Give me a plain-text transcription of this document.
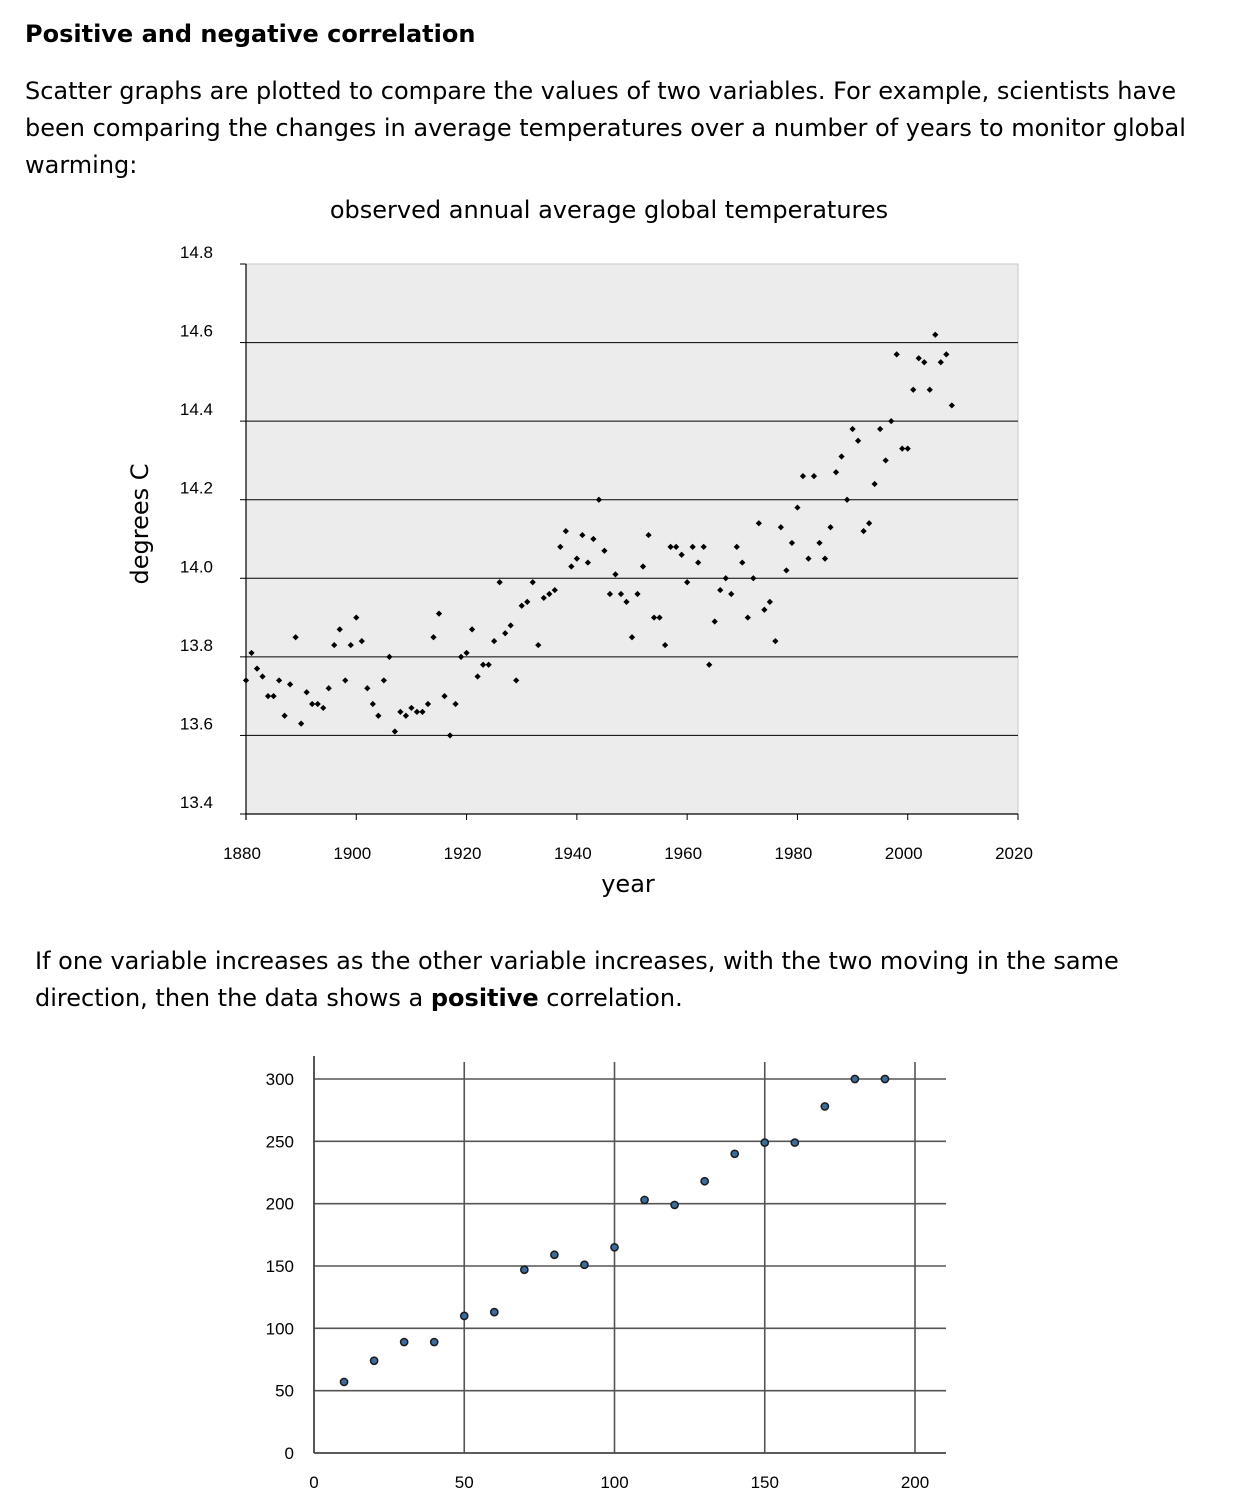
Positive and negative correlation

Scatter graphs are plotted to compare the values of two variables. For example, scientists have been comparing the changes in average temperatures over a number of years to monitor global warming:

13.4
13.6
13.8
14.0
14.2
14.4
14.6
14.8
1880	1900	1920	1940	1960	1980	2000	2020
observed annual average global temperatures
year
degrees C

If one variable increases as the other variable increases, with the two moving in the same direction, then the data shows a positive correlation.

0
50
100
150
200
250
300
0	50	100	150	200
